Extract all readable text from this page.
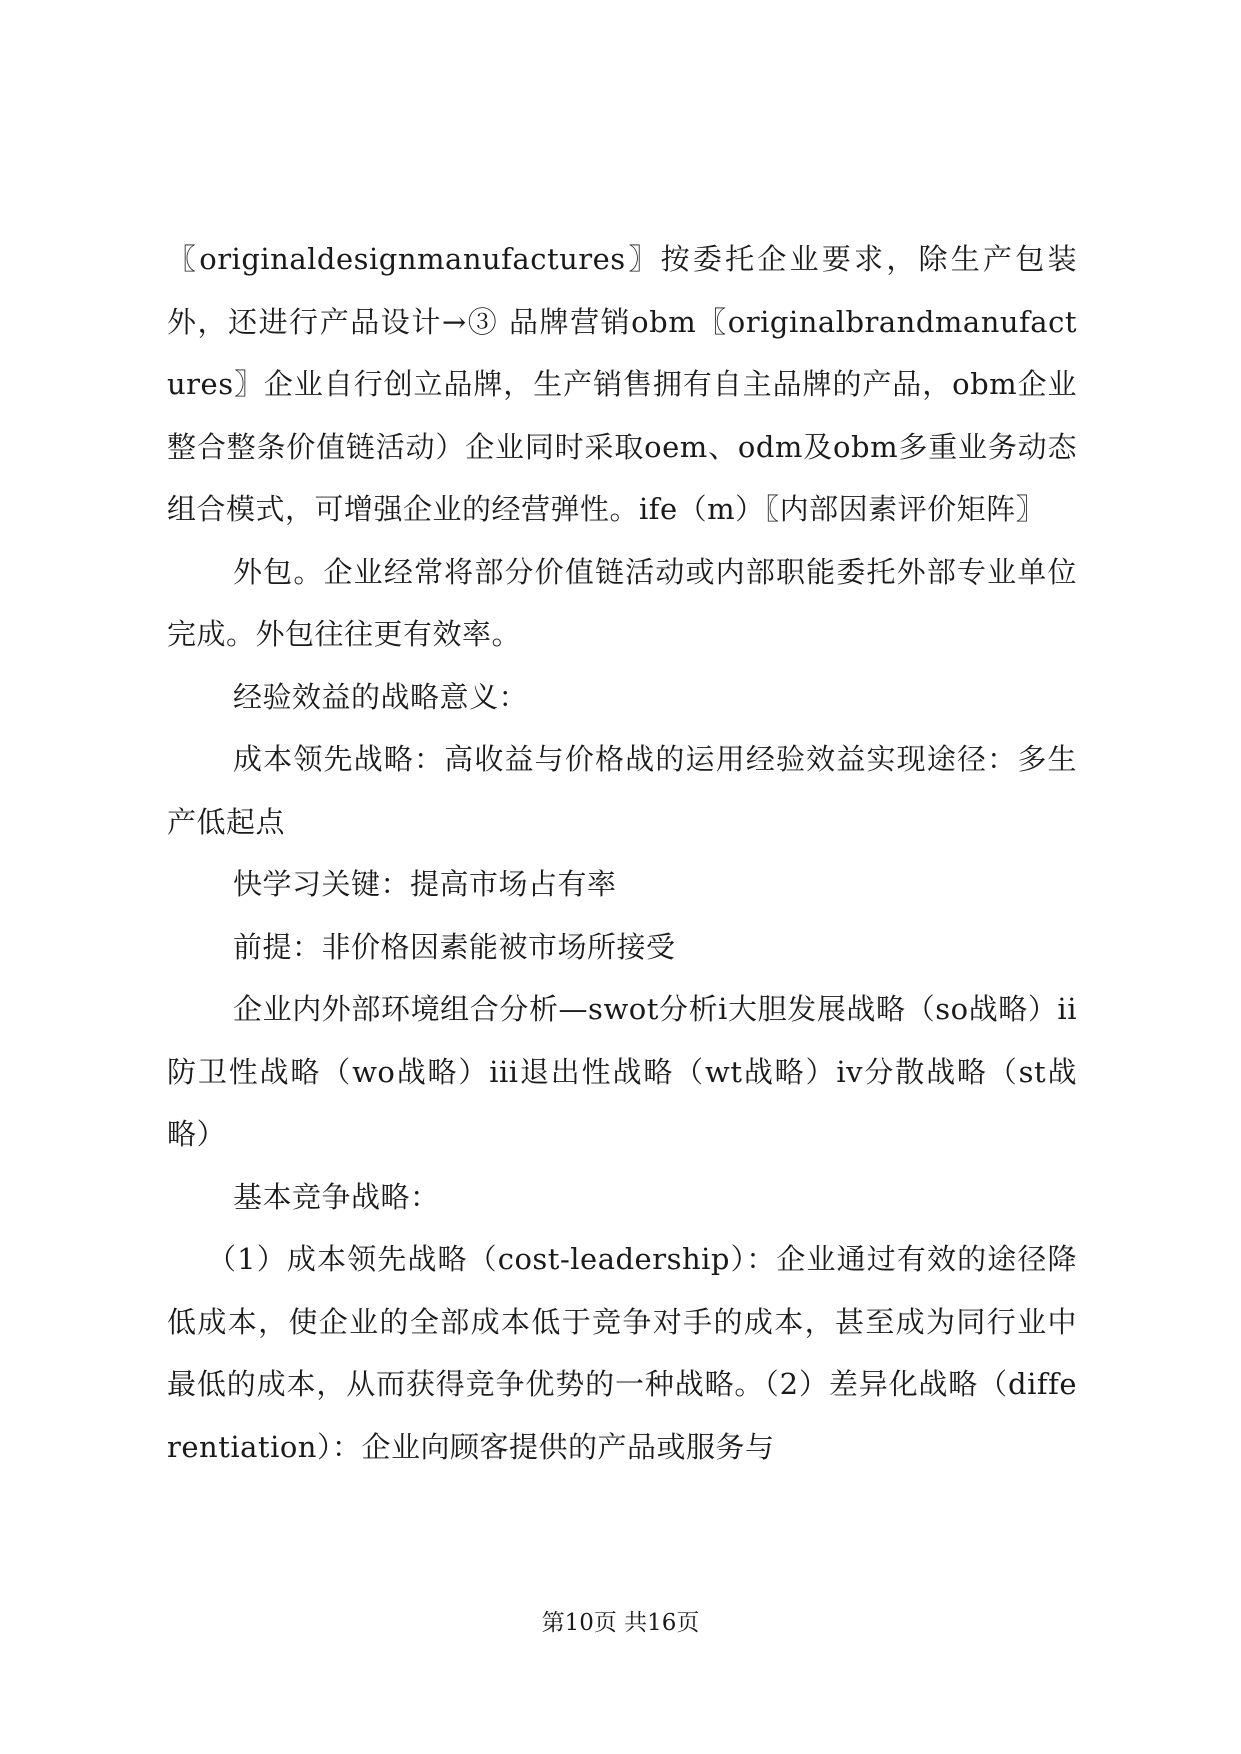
〖originaldesignmanufactures〗按委托企业要求，除生产包装外，还进行产品设计→③ 品牌营销obm〖originalbrandmanufactures〗企业自行创立品牌，生产销售拥有自主品牌的产品，obm企业整合整条价值链活动）企业同时采取oem、odm及obm多重业务动态组合模式，可增强企业的经营弹性。ife（m）〖内部因素评价矩阵〗

外包。企业经常将部分价值链活动或内部职能委托外部专业单位完成。外包往往更有效率。

经验效益的战略意义：

成本领先战略：高收益与价格战的运用经验效益实现途径：多生产低起点

快学习关键：提高市场占有率

前提：非价格因素能被市场所接受

企业内外部环境组合分析—swot分析i大胆发展战略（so战略）ii防卫性战略（wo战略）iii退出性战略（wt战略）iv分散战略（st战略）

基本竞争战略：

（1）成本领先战略（cost-leadership）：企业通过有效的途径降低成本，使企业的全部成本低于竞争对手的成本，甚至成为同行业中最低的成本，从而获得竞争优势的一种战略。（2）差异化战略（differentiation）：企业向顾客提供的产品或服务与

第10页 共16页
